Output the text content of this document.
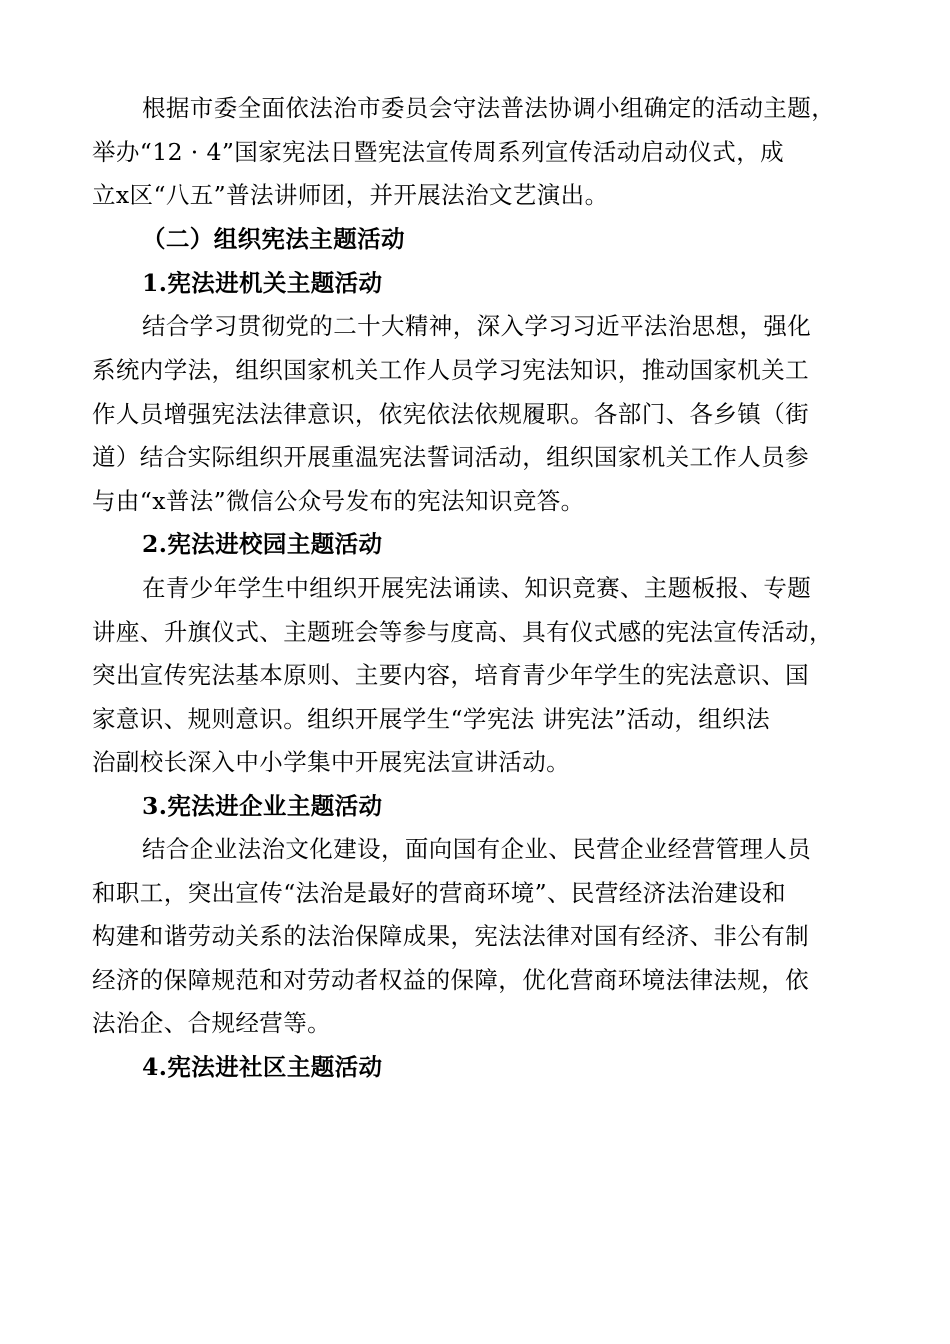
根据市委全面依法治市委员会守法普法协调小组确定的活动主题，
举办“12 · 4”国家宪法日暨宪法宣传周系列宣传活动启动仪式，成
立x区“八五”普法讲师团，并开展法治文艺演出。
（二）组织宪法主题活动
1.宪法进机关主题活动
结合学习贯彻党的二十大精神，深入学习习近平法治思想，强化
系统内学法，组织国家机关工作人员学习宪法知识，推动国家机关工
作人员增强宪法法律意识，依宪依法依规履职。各部门、各乡镇（街
道）结合实际组织开展重温宪法誓词活动，组织国家机关工作人员参
与由“x普法”微信公众号发布的宪法知识竞答。
2.宪法进校园主题活动
在青少年学生中组织开展宪法诵读、知识竞赛、主题板报、专题
讲座、升旗仪式、主题班会等参与度高、具有仪式感的宪法宣传活动，
突出宣传宪法基本原则、主要内容，培育青少年学生的宪法意识、国
家意识、规则意识。组织开展学生“学宪法 讲宪法”活动，组织法
治副校长深入中小学集中开展宪法宣讲活动。
3.宪法进企业主题活动
结合企业法治文化建设，面向国有企业、民营企业经营管理人员
和职工，突出宣传“法治是最好的营商环境”、民营经济法治建设和
构建和谐劳动关系的法治保障成果，宪法法律对国有经济、非公有制
经济的保障规范和对劳动者权益的保障，优化营商环境法律法规，依
法治企、合规经营等。
4.宪法进社区主题活动
